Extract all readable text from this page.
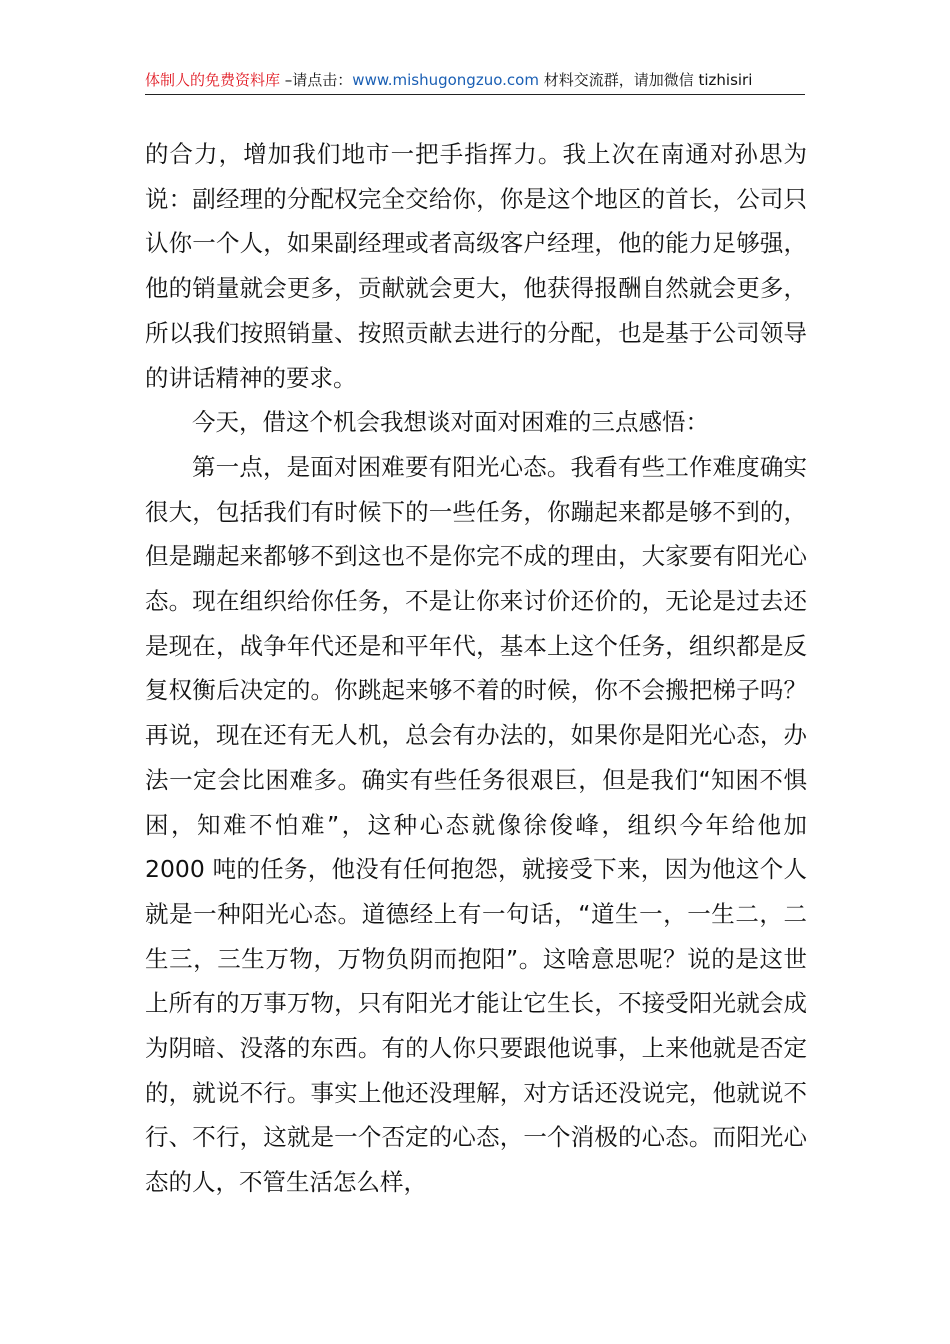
体制人的免费资料库 –请点击：www.mishugongzuo.com 材料交流群，请加微信 tizhisiri

的合力，增加我们地市一把手指挥力。我上次在南通对孙思为说：副经理的分配权完全交给你，你是这个地区的首长，公司只认你一个人，如果副经理或者高级客户经理，他的能力足够强，他的销量就会更多，贡献就会更大，他获得报酬自然就会更多，所以我们按照销量、按照贡献去进行的分配，也是基于公司领导的讲话精神的要求。

今天，借这个机会我想谈对面对困难的三点感悟：

第一点，是面对困难要有阳光心态。我看有些工作难度确实很大，包括我们有时候下的一些任务，你蹦起来都是够不到的，但是蹦起来都够不到这也不是你完不成的理由，大家要有阳光心态。现在组织给你任务，不是让你来讨价还价的，无论是过去还是现在，战争年代还是和平年代，基本上这个任务，组织都是反复权衡后决定的。你跳起来够不着的时候，你不会搬把梯子吗？再说，现在还有无人机，总会有办法的，如果你是阳光心态，办法一定会比困难多。确实有些任务很艰巨，但是我们“知困不惧困，知难不怕难”，这种心态就像徐俊峰，组织今年给他加 2000 吨的任务，他没有任何抱怨，就接受下来，因为他这个人就是一种阳光心态。道德经上有一句话，“道生一，一生二，二生三，三生万物，万物负阴而抱阳”。这啥意思呢？说的是这世上所有的万事万物，只有阳光才能让它生长，不接受阳光就会成为阴暗、没落的东西。有的人你只要跟他说事，上来他就是否定的，就说不行。事实上他还没理解，对方话还没说完，他就说不行、不行，这就是一个否定的心态，一个消极的心态。而阳光心态的人，不管生活怎么样，
